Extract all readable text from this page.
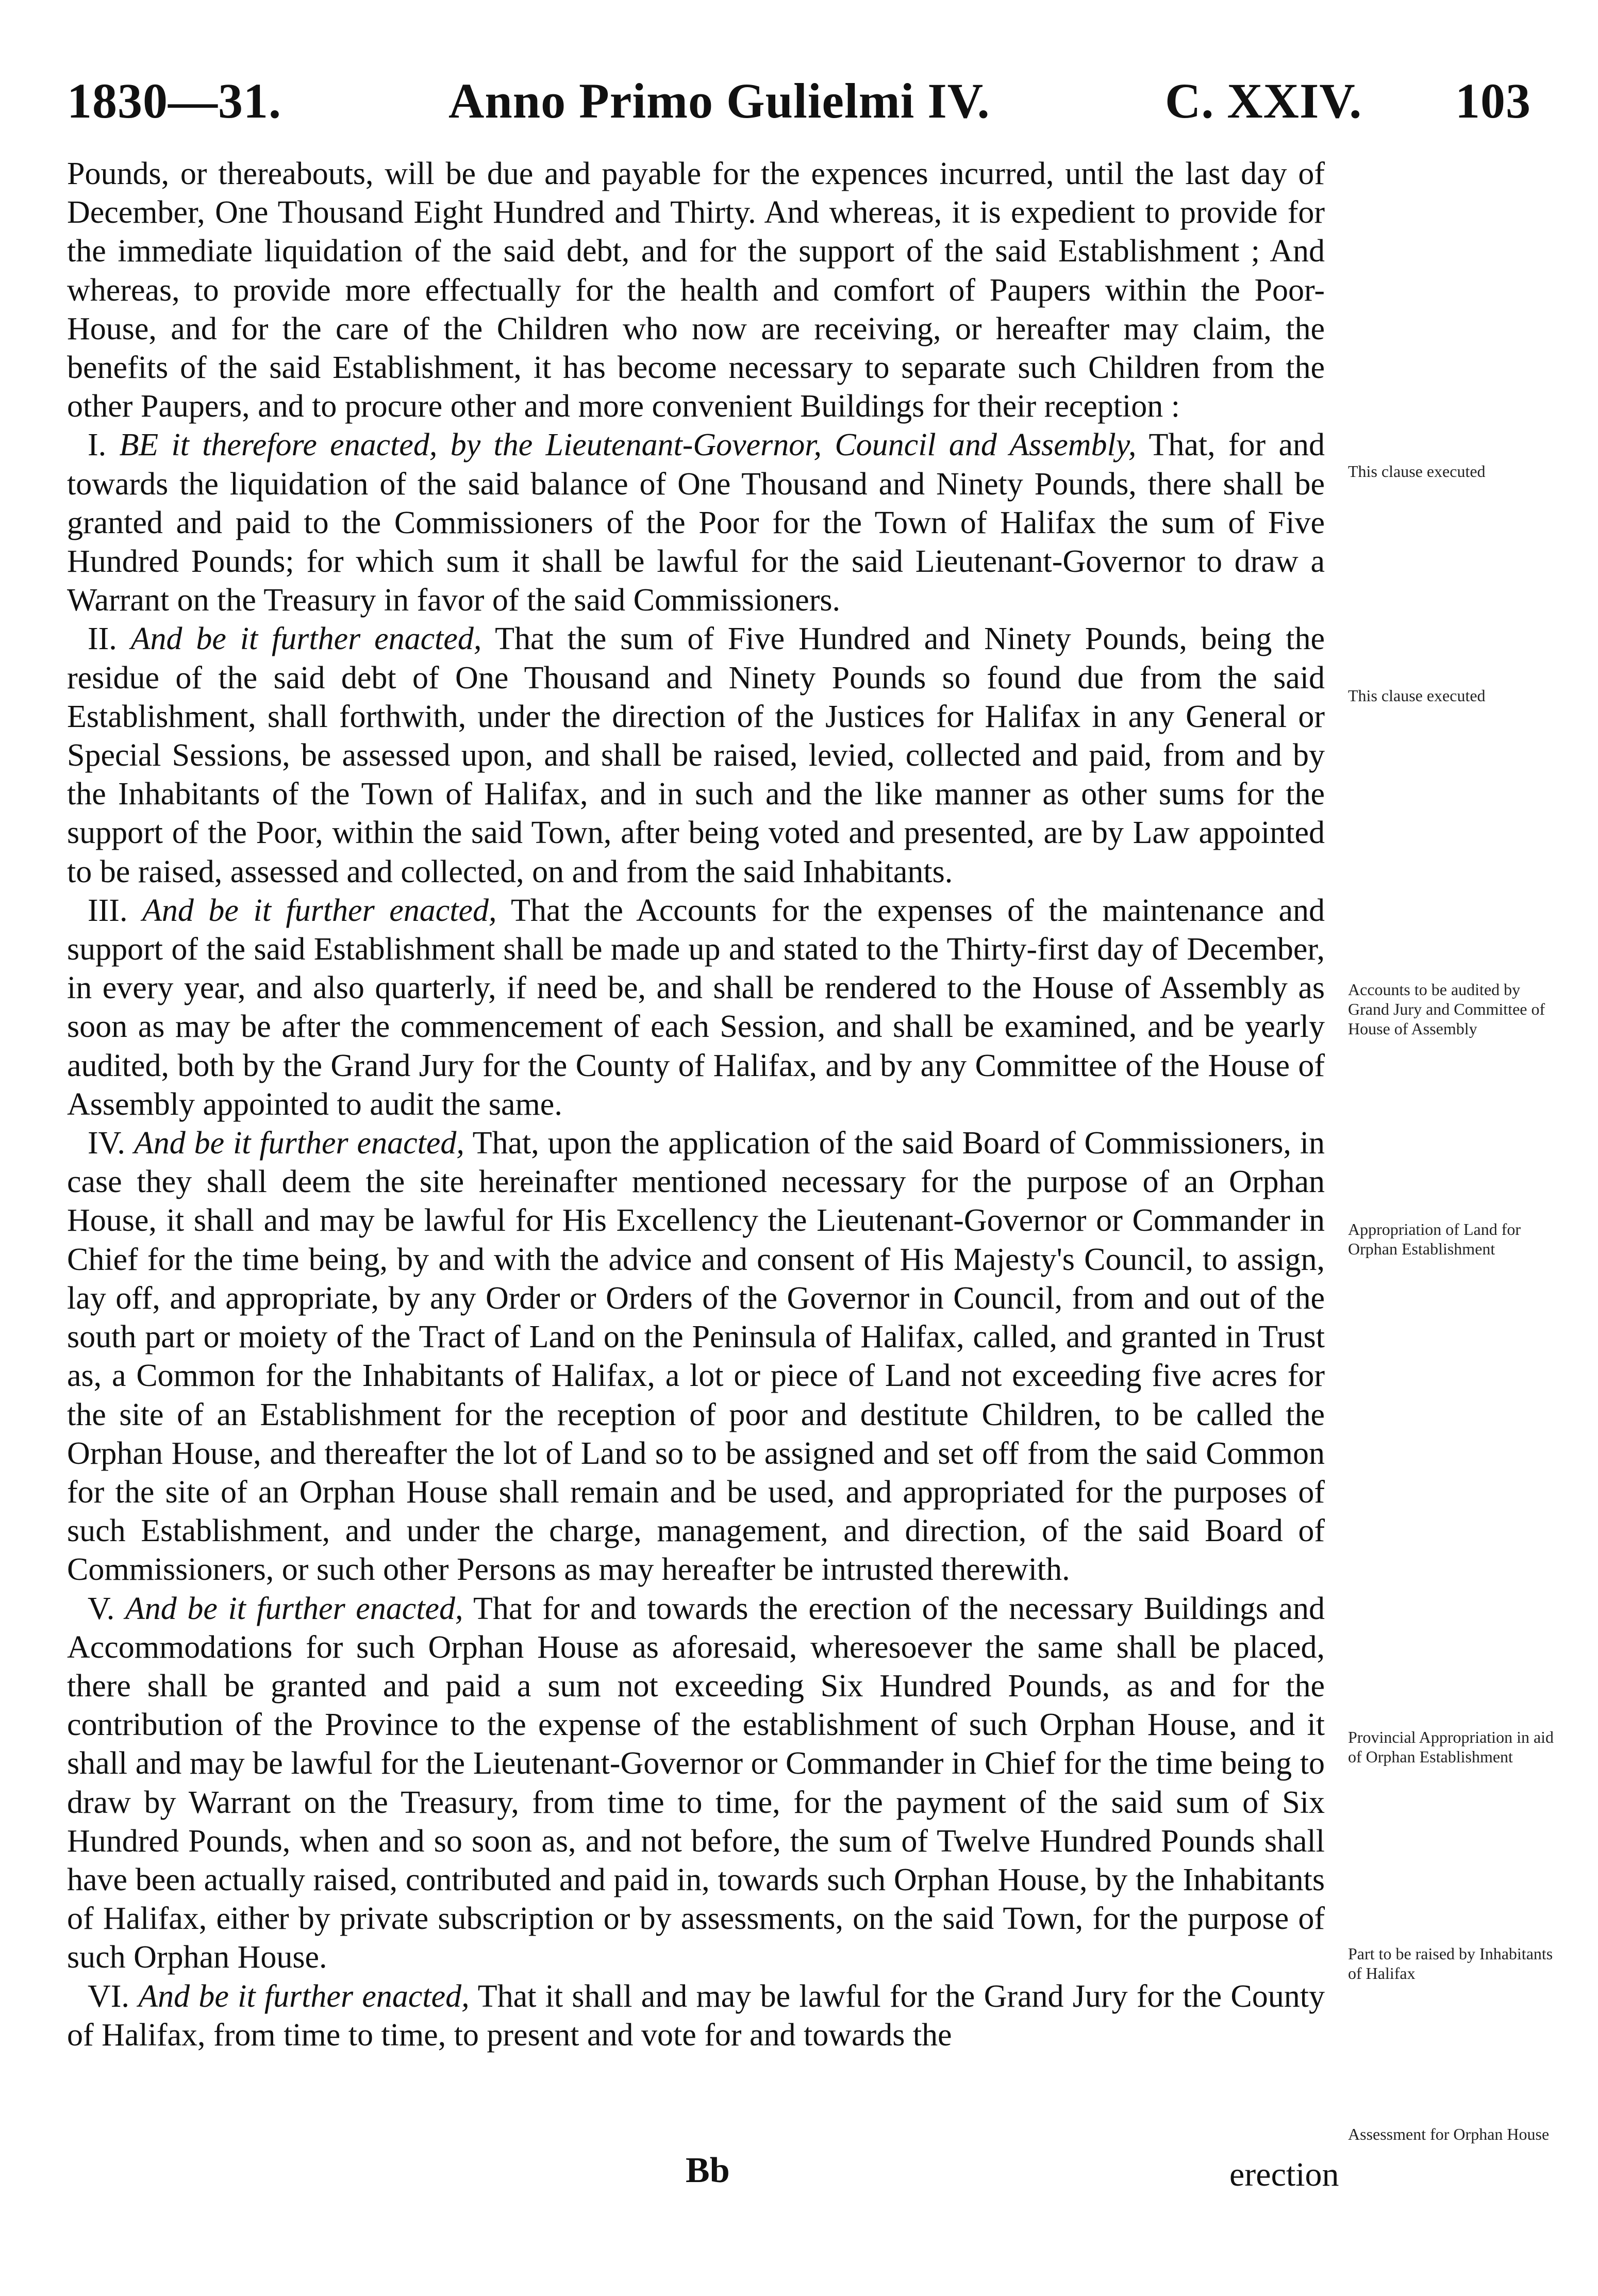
1830—31.	Anno Primo Gulielmi IV.	C. XXIV. 103

Pounds, or thereabouts, will be due and payable for the expences incurred, until the last day of December, One Thousand Eight Hundred and Thirty. And whereas, it is expedient to provide for the immediate liquidation of the said debt, and for the support of the said Establishment ; And whereas, to provide more effectually for the health and comfort of Paupers within the Poor-House, and for the care of the Children who now are receiving, or hereafter may claim, the benefits of the said Establishment, it has become necessary to separate such Children from the other Paupers, and to procure other and more convenient Buildings for their reception :

I. BE it therefore enacted, by the Lieutenant-Governor, Council and Assembly, That, for and towards the liquidation of the said balance of One Thousand and Ninety Pounds, there shall be granted and paid to the Commissioners of the Poor for the Town of Halifax the sum of Five Hundred Pounds; for which sum it shall be lawful for the said Lieutenant-Governor to draw a Warrant on the Treasury in favor of the said Commissioners.

II. And be it further enacted, That the sum of Five Hundred and Ninety Pounds, being the residue of the said debt of One Thousand and Ninety Pounds so found due from the said Establishment, shall forthwith, under the direction of the Justices for Halifax in any General or Special Sessions, be assessed upon, and shall be raised, levied, collected and paid, from and by the Inhabitants of the Town of Halifax, and in such and the like manner as other sums for the support of the Poor, within the said Town, after being voted and presented, are by Law appointed to be raised, assessed and collected, on and from the said Inhabitants.

III. And be it further enacted, That the Accounts for the expenses of the maintenance and support of the said Establishment shall be made up and stated to the Thirty-first day of December, in every year, and also quarterly, if need be, and shall be rendered to the House of Assembly as soon as may be after the commencement of each Session, and shall be examined, and be yearly audited, both by the Grand Jury for the County of Halifax, and by any Committee of the House of Assembly appointed to audit the same.

IV. And be it further enacted, That, upon the application of the said Board of Commissioners, in case they shall deem the site hereinafter mentioned necessary for the purpose of an Orphan House, it shall and may be lawful for His Excellency the Lieutenant-Governor or Commander in Chief for the time being, by and with the advice and consent of His Majesty's Council, to assign, lay off, and appropriate, by any Order or Orders of the Governor in Council, from and out of the south part or moiety of the Tract of Land on the Peninsula of Halifax, called, and granted in Trust as, a Common for the Inhabitants of Halifax, a lot or piece of Land not exceeding five acres for the site of an Establishment for the reception of poor and destitute Children, to be called the Orphan House, and thereafter the lot of Land so to be assigned and set off from the said Common for the site of an Orphan House shall remain and be used, and appropriated for the purposes of such Establishment, and under the charge, management, and direction, of the said Board of Commissioners, or such other Persons as may hereafter be intrusted therewith.

V. And be it further enacted, That for and towards the erection of the necessary Buildings and Accommodations for such Orphan House as aforesaid, wheresoever the same shall be placed, there shall be granted and paid a sum not exceeding Six Hundred Pounds, as and for the contribution of the Province to the expense of the establishment of such Orphan House, and it shall and may be lawful for the Lieutenant-Governor or Commander in Chief for the time being to draw by Warrant on the Treasury, from time to time, for the payment of the said sum of Six Hundred Pounds, when and so soon as, and not before, the sum of Twelve Hundred Pounds shall have been actually raised, contributed and paid in, towards such Orphan House, by the Inhabitants of Halifax, either by private subscription or by assessments, on the said Town, for the purpose of such Orphan House.

VI. And be it further enacted, That it shall and may be lawful for the Grand Jury for the County of Halifax, from time to time, to present and vote for and towards the

This clause executed
This clause executed
Accounts to be audited by Grand Jury and Committee of House of Assembly
Appropriation of Land for Orphan Establishment
Provincial Appropriation in aid of Orphan Establishment
Part to be raised by Inhabitants of Halifax
Assessment for Orphan House
Bb	erection
